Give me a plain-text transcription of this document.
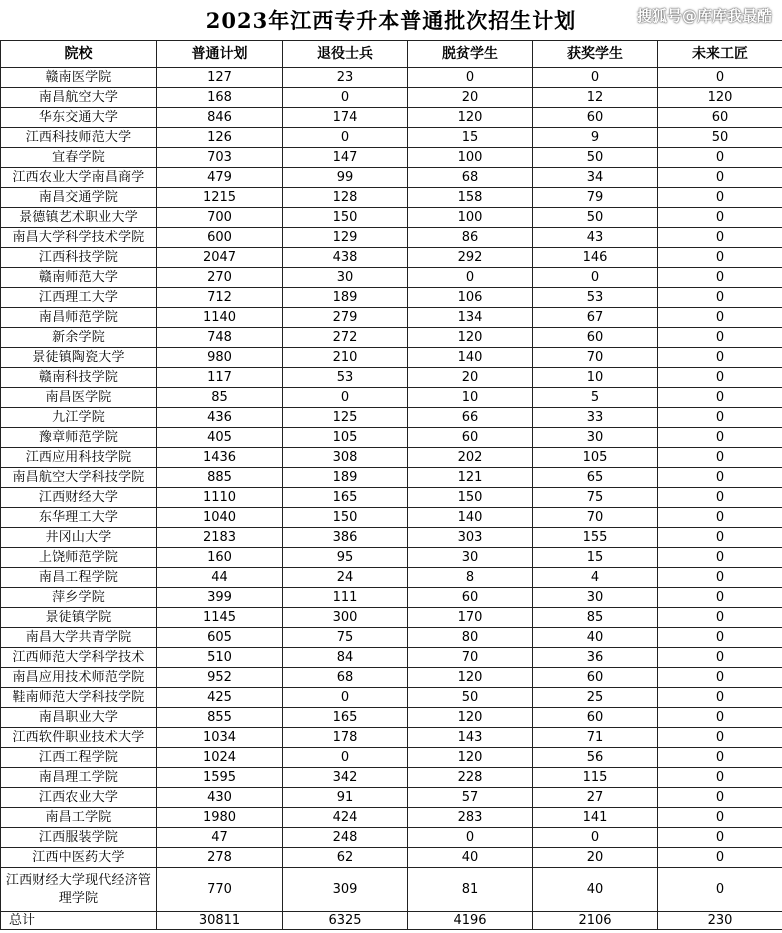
2023年江西专升本普通批次招生计划	搜狐号@库库我最酷
院校	普通计划	退役士兵	脱贫学生	获奖学生	未来工匠
赣南医学院	127	23	0	0	0
南昌航空大学	168	0	20	12	120
华东交通大学	846	174	120	60	60
江西科技师范大学	126	0	15	9	50
宜春学院	703	147	100	50	0
江西农业大学南昌商学	479	99	68	34	0
南昌交通学院	1215	128	158	79	0
景德镇艺术职业大学	700	150	100	50	0
南昌大学科学技术学院	600	129	86	43	0
江西科技学院	2047	438	292	146	0
赣南师范大学	270	30	0	0	0
江西理工大学	712	189	106	53	0
南昌师范学院	1140	279	134	67	0
新余学院	748	272	120	60	0
景徒镇陶瓷大学	980	210	140	70	0
赣南科技学院	117	53	20	10	0
南昌医学院	85	0	10	5	0
九江学院	436	125	66	33	0
豫章师范学院	405	105	60	30	0
江西应用科技学院	1436	308	202	105	0
南昌航空大学科技学院	885	189	121	65	0
江西财经大学	1110	165	150	75	0
东华理工大学	1040	150	140	70	0
井冈山大学	2183	386	303	155	0
上饶师范学院	160	95	30	15	0
南昌工程学院	44	24	8	4	0
萍乡学院	399	111	60	30	0
景徒镇学院	1145	300	170	85	0
南昌大学共青学院	605	75	80	40	0
江西师范大学科学技术	510	84	70	36	0
南昌应用技术师范学院	952	68	120	60	0
鞋南师范大学科技学院	425	0	50	25	0
南昌职业大学	855	165	120	60	0
江西软件职业技术大学	1034	178	143	71	0
江西工程学院	1024	0	120	56	0
南昌理工学院	1595	342	228	115	0
江西农业大学	430	91	57	27	0
南昌工学院	1980	424	283	141	0
江西服装学院	47	248	0	0	0
江西中医药大学	278	62	40	20	0
江西财经大学现代经济管理学院	770	309	81	40	0
总计	30811	6325	4196	2106	230
